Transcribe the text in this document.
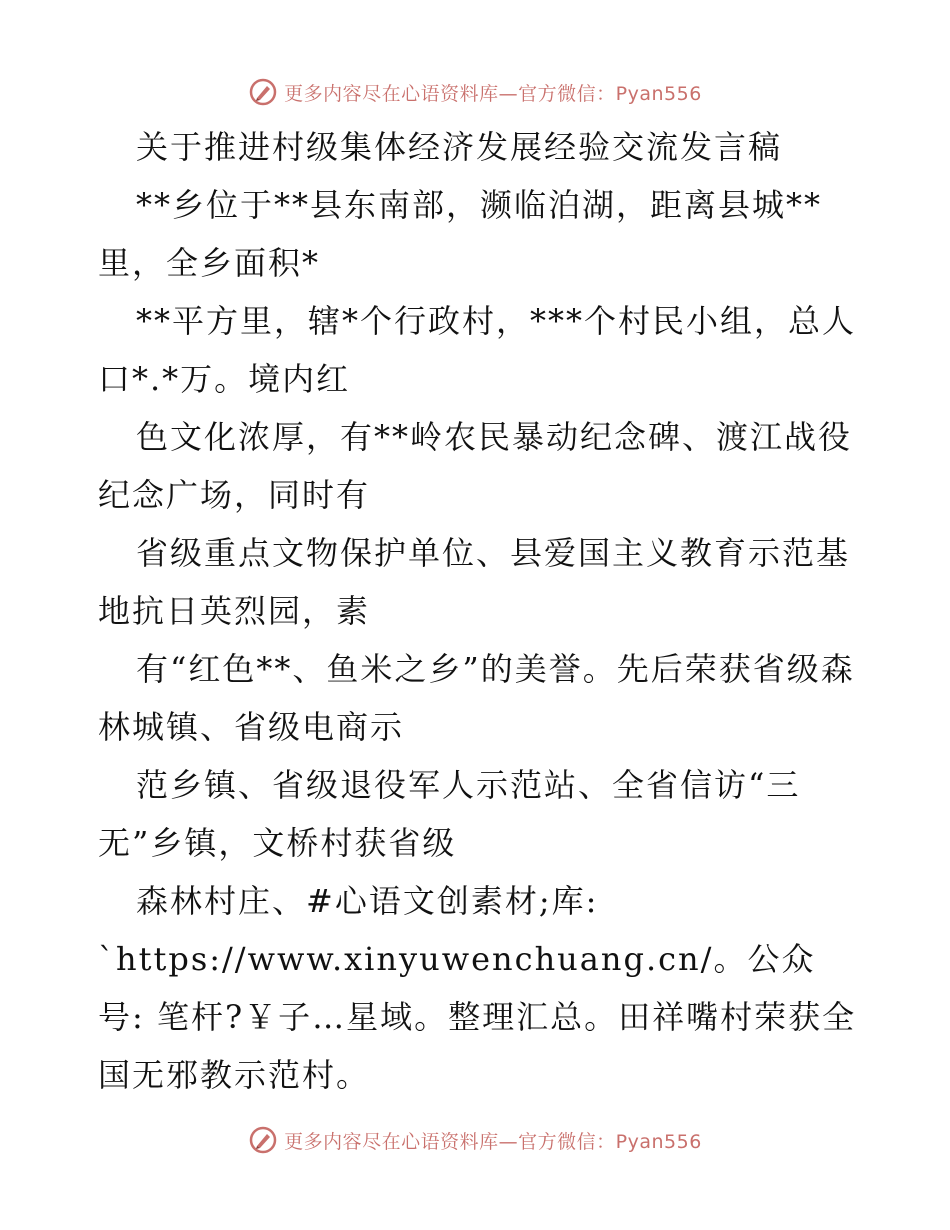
更多内容尽在心语资料库—官方微信：Pyan556

关于推进村级集体经济发展经验交流发言稿

**乡位于**县东南部，濒临泊湖，距离县城**里，全乡面积*

**平方里，辖*个行政村，***个村民小组，总人口*.*万。境内红

色文化浓厚，有**岭农民暴动纪念碑、渡江战役纪念广场，同时有

省级重点文物保护单位、县爱国主义教育示范基地抗日英烈园，素

有“红色**、鱼米之乡”的美誉。先后荣获省级森林城镇、省级电商示

范乡镇、省级退役军人示范站、全省信访“三无”乡镇，文桥村获省级

森林村庄、#心语文创素材;库: `https://www.xinyuwenchuang.cn/。公众号: 笔杆?￥子…星域。整理汇总。田祥嘴村荣获全国无邪教示范村。

更多内容尽在心语资料库—官方微信：Pyan556
